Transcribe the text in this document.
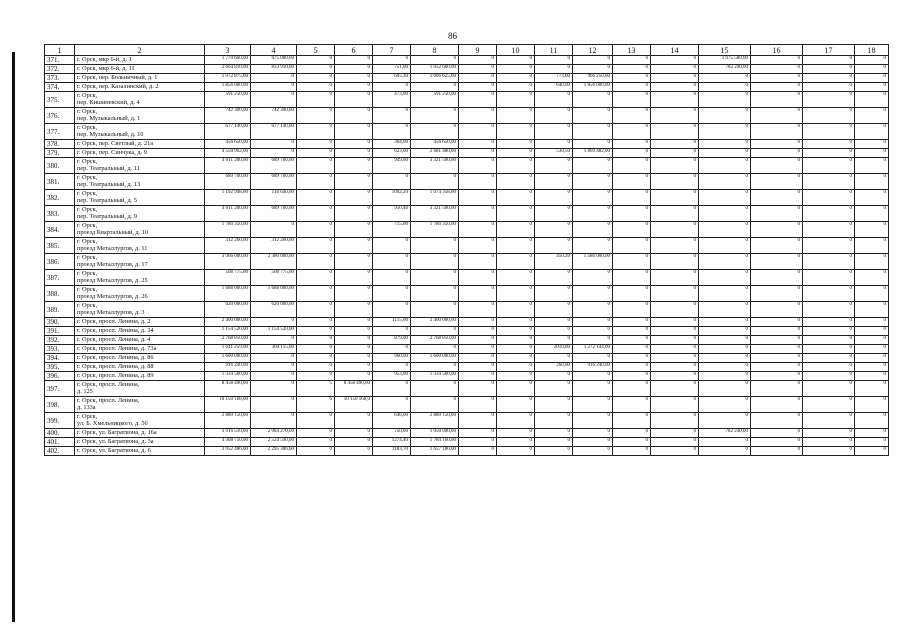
86
1	2	3	4	5	6	7	8	9	10	11	12	13	14	15	16	17	18
371.	г. Орск, мкр 6-й, д. 1	1 770 660,00	675 080,00	0	0	0	0	0	0	0	0	0	0	1 075 580,00	0	0	0
372.	г. Орск, мкр 6-й, д. 11	2 664 810,00	833 910,00	0	0	751,00	1 052 660,00	0	0	0	0	0	0	782 240,00	0	0	0
373.	г. Орск, пер. Больничный, д. 1	1 972 875,00	0	0	0	605,30	1 006 625,00	0	0	773,00	966 250,00	0	0	0	0	0	0
374.	г. Орск, пер. Казалинский, д. 2	1 856 000,00	0	0	0	0	0	0	0	640,00	1 856 000,00	0	0	0	0	0	0
375.	г. Орск,
пер. Кишиневский, д. 4	591 250,00	0	0	0	473,00	591 250,00	0	0	0	0	0	0	0	0	0	0
376.	г. Орск,
пер. Музыкальный, д. 1	742 300,00	742 300,00	0	0	0	0	0	0	0	0	0	0	0	0	0	0
377.	г. Орск,
пер. Музыкальный, д. 10	677 140,00	677 140,00	0	0	0	0	0	0	0	0	0	0	0	0	0	0
378.	г. Орск, пер. Светлый, д. 21а	456 650,00	0	0	0	304,00	456 650,00	0	0	0	0	0	0	0	0	0	0
379.	г. Орск, пер. Синчука, д. 9	4 550 962,00	0	0	0	623,00	2 681 480,00	0	0	530,50	1 869 482,00	0	0	0	0	0	0
380.	г. Орск,
пер. Театральный, д. 11	4 011 200,00	689 700,00	0	0	949,00	3 321 500,00	0	0	0	0	0	0	0	0	0	0
381.	г. Орск,
пер. Театральный, д. 13	689 700,00	689 700,00	0	0	0	0	0	0	0	0	0	0	0	0	0	0
382.	г. Орск,
пер. Театральный, д. 5	1 192 998,00	118 640,00	0	0	1002,20	1 074 358,00	0	0	0	0	0	0	0	0	0	0
383.	г. Орск,
пер. Театральный, д. 9	4 011 200,00	689 700,00	0	0	950,40	3 321 500,00	0	0	0	0	0	0	0	0	0	0
384.	г. Орск,
проезд Квартальный, д. 10	1 780 350,00	0	0	0	715,00	1 780 350,00	0	0	0	0	0	0	0	0	0	0
385.	г. Орск,
проезд Металлургов, д. 11	312 260,00	312 260,00	0	0	0	0	0	0	0	0	0	0	0	0	0	0
386.	г. Орск,
проезд Металлургов, д. 17	3 966 000,00	2 380 000,00	0	0	0	0	0	0	450,20	1 586 000,00	0	0	0	0	0	0
387.	г. Орск,
проезд Металлургов, д. 25	508 775,00	508 775,00	0	0	0	0	0	0	0	0	0	0	0	0	0	0
388.	г. Орск,
проезд Металлургов, д. 26	1 688 000,00	1 688 000,00	0	0	0	0	0	0	0	0	0	0	0	0	0	0
389.	г. Орск,
проезд Металлургов, д. 3	620 000,00	620 000,00	0	0	0	0	0	0	0	0	0	0	0	0	0	0
390.	г. Орск, просп. Ленина, д. 2	2 400 000,00	0	0	0	1115,00	2 400 000,00	0	0	0	0	0	0	0	0	0	0
391.	г. Орск, просп. Ленина, д. 34	1 154 520,00	1 154 520,00	0	0	0	0	0	0	0	0	0	0	0	0	0	0
392.	г. Орск, просп. Ленина, д. 4	2 768 850,00	0	0	0	879,00	2 768 850,00	0	0	0	0	0	0	0	0	0	0
393.	г. Орск, просп. Ленина, д. 73а	1 641 259,00	369 115,00	0	0	0	0	0	0	2010,00	1 272 144,00	0	0	0	0	0	0
394.	г. Орск, просп. Ленина, д. 86	1 600 000,00	0	0	0	960,00	1 600 000,00	0	0	0	0	0	0	0	0	0	0
395.	г. Орск, просп. Ленина, д. 88	916 240,00	0	0	0	0	0	0	0	260,00	916 240,00	0	0	0	0	0	0
396.	г. Орск, просп. Ленина, д. 89	1 334 500,00	0	0	0	953,00	1 334 500,00	0	0	0	0	0	0	0	0	0	0
397.	г. Орск, просп. Ленина,
д. 125	8 458 490,00	0	5	8 458 490,00	0	0	0	0	0	0	0	0	0	0	0	0
398.	г. Орск, просп. Ленина,
д. 133а	10 150 168,00	0	6	10 150 168,0	0	0	0	0	0	0	0	0	0	0	0	0
399.	г. Орск,
ул. Б. Хмельницкого, д. 56	2 880 150,00	0	0	0	646,00	2 880 150,00	0	0	0	0	0	0	0	0	0	0
400.	г. Орск, ул. Багратиона, д. 16а	3 916 510,00	2 084 270,00	0	0	750,00	1 050 000,00	0	0	0	0	0	0	782 240,00	0	0	0
401.	г. Орск, ул. Багратиона, д. 3а	4 308 750,00	2 524 590,00	0	0	1274,40	1 784 160,00	0	0	0	0	0	0	0	0	0	0
402.	г. Орск, ул. Багратиона, д. 6	3 952 486,00	2 295 306,00	0	0	1183,70	1 657 180,00	0	0	0	0	0	0	0	0	0	0
